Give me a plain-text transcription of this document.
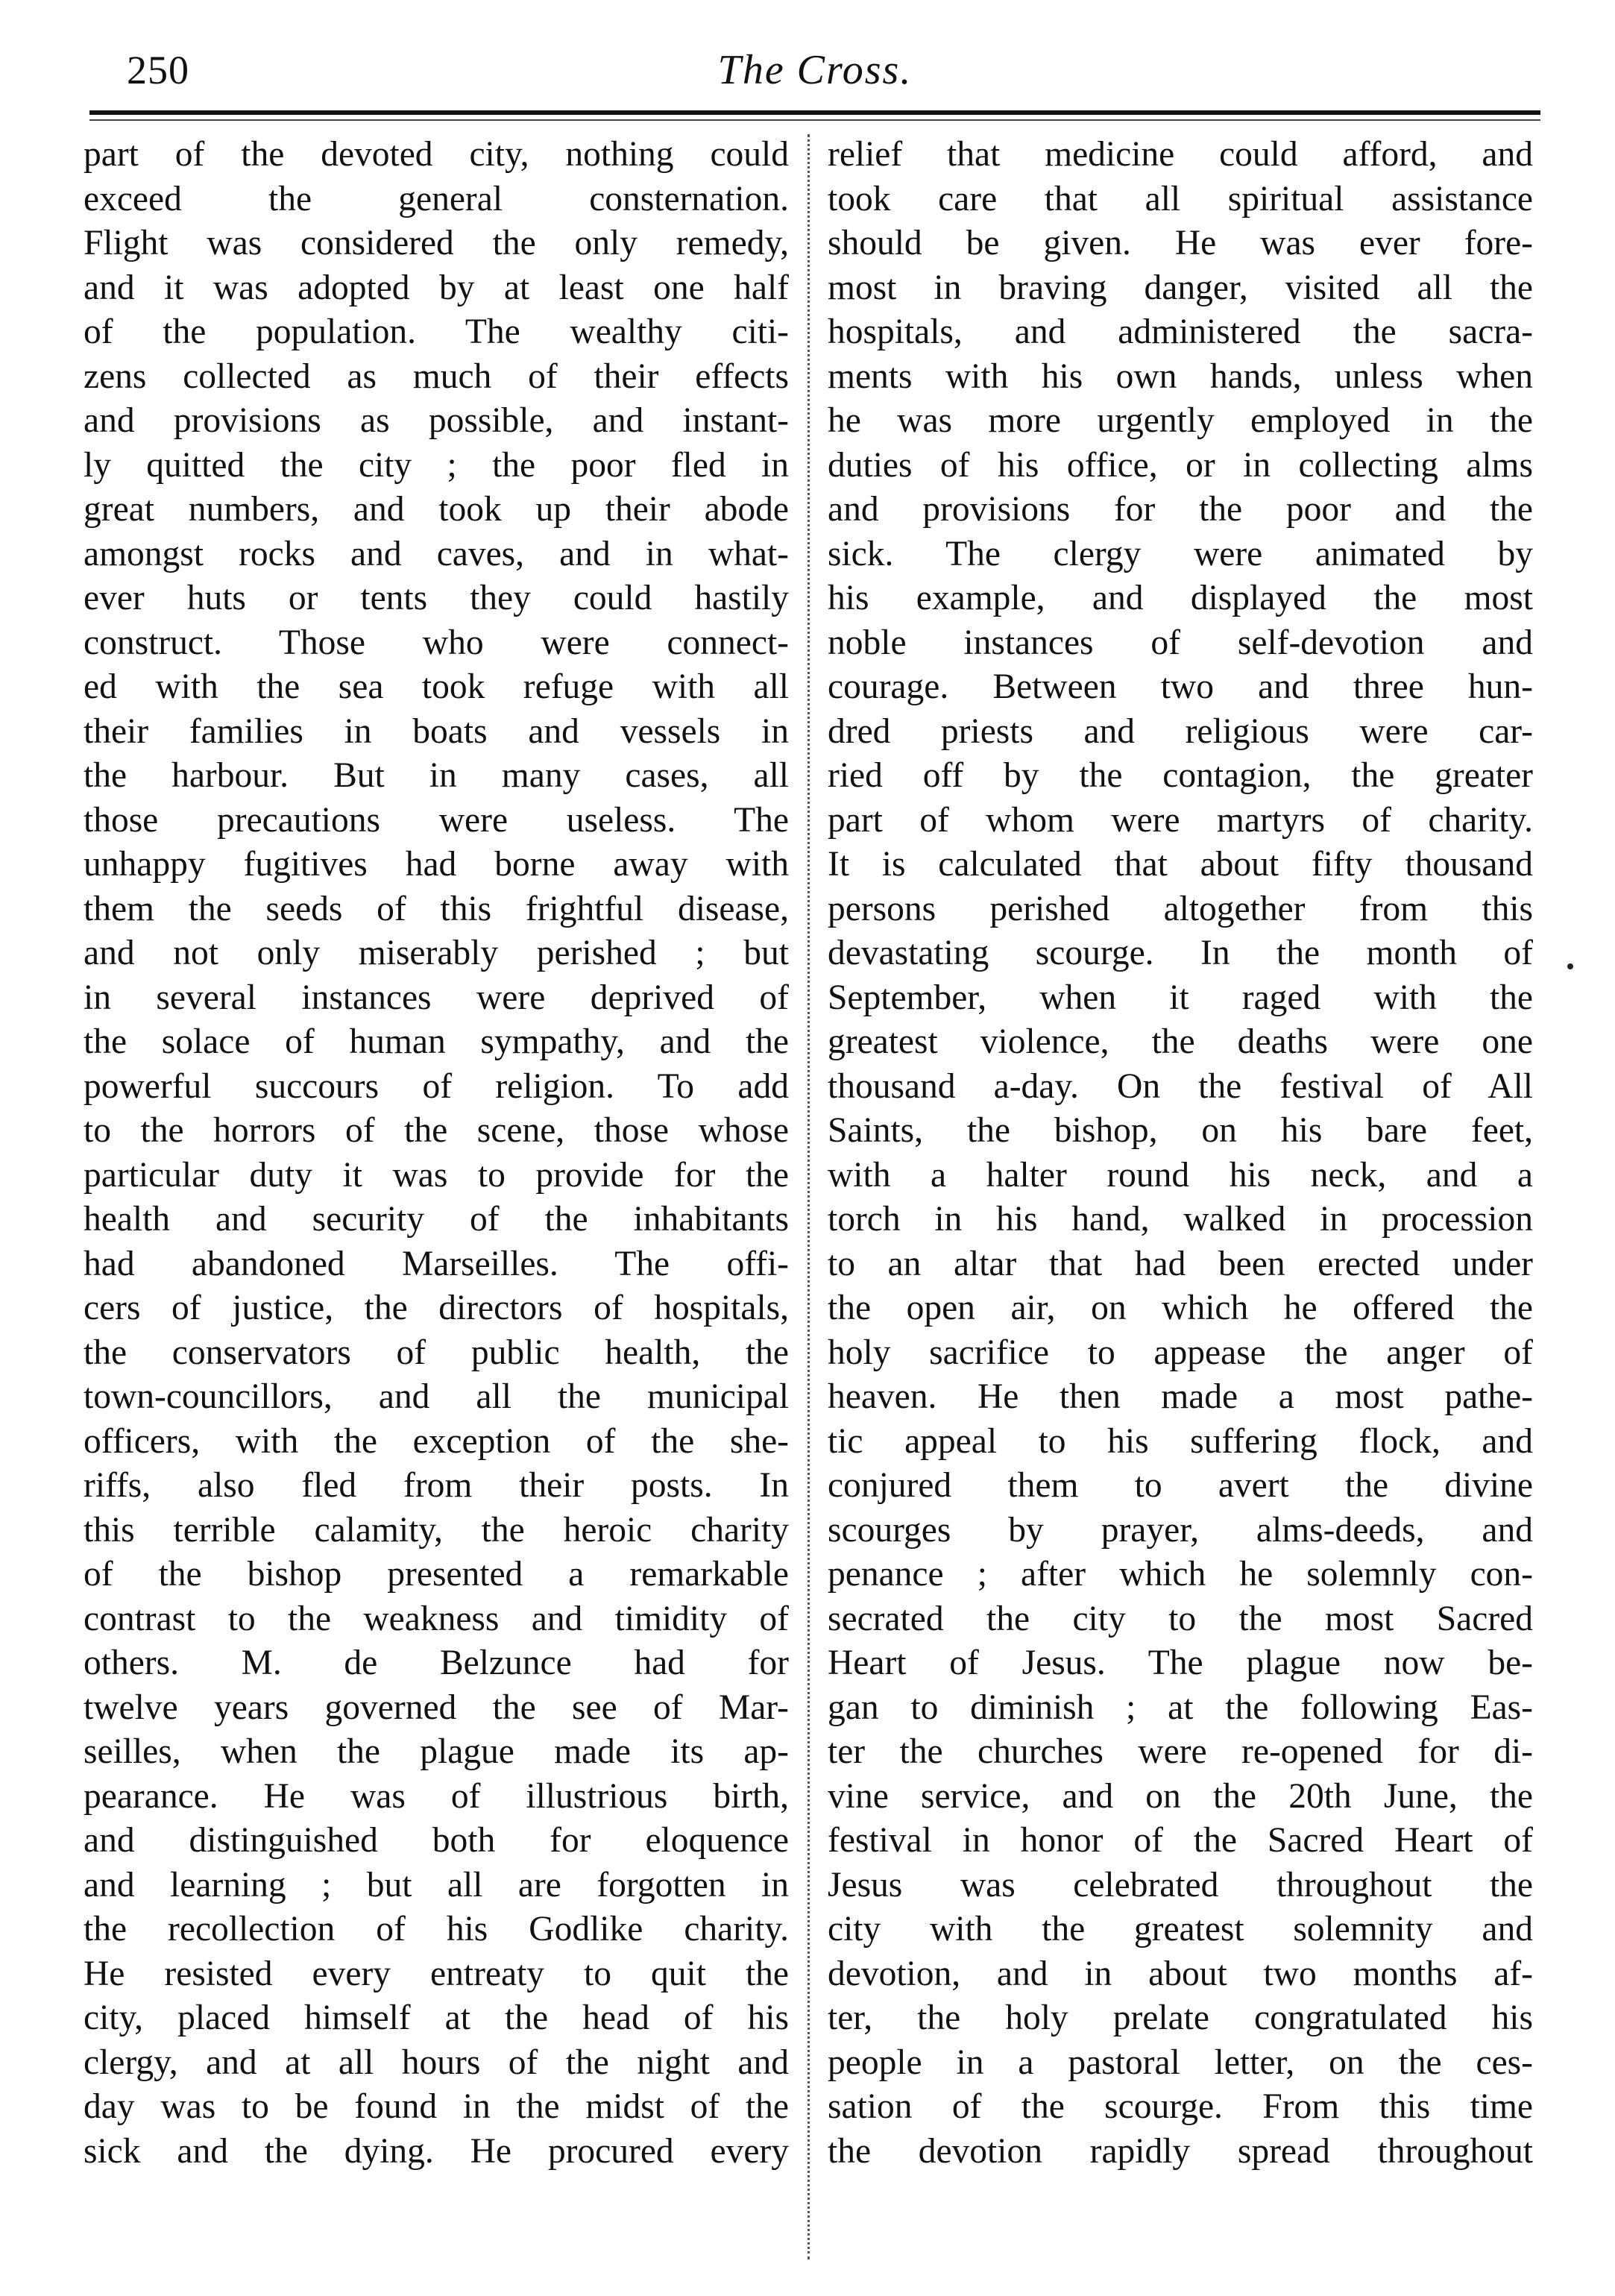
250	The Cross.
part of the devoted city, nothing could
exceed the general consternation.
Flight was considered the only remedy,
and it was adopted by at least one half
of the population. The wealthy citi-
zens collected as much of their effects
and provisions as possible, and instant-
ly quitted the city ; the poor fled in
great numbers, and took up their abode
amongst rocks and caves, and in what-
ever huts or tents they could hastily
construct. Those who were connect-
ed with the sea took refuge with all
their families in boats and vessels in
the harbour. But in many cases, all
those precautions were useless. The
unhappy fugitives had borne away with
them the seeds of this frightful disease,
and not only miserably perished ; but
in several instances were deprived of
the solace of human sympathy, and the
powerful succours of religion. To add
to the horrors of the scene, those whose
particular duty it was to provide for the
health and security of the inhabitants
had abandoned Marseilles. The offi-
cers of justice, the directors of hospitals,
the conservators of public health, the
town-councillors, and all the municipal
officers, with the exception of the she-
riffs, also fled from their posts. In
this terrible calamity, the heroic charity
of the bishop presented a remarkable
contrast to the weakness and timidity of
others. M. de Belzunce had for
twelve years governed the see of Mar-
seilles, when the plague made its ap-
pearance. He was of illustrious birth,
and distinguished both for eloquence
and learning ; but all are forgotten in
the recollection of his Godlike charity.
He resisted every entreaty to quit the
city, placed himself at the head of his
clergy, and at all hours of the night and
day was to be found in the midst of the
sick and the dying. He procured every
relief that medicine could afford, and
took care that all spiritual assistance
should be given. He was ever fore-
most in braving danger, visited all the
hospitals, and administered the sacra-
ments with his own hands, unless when
he was more urgently employed in the
duties of his office, or in collecting alms
and provisions for the poor and the
sick. The clergy were animated by
his example, and displayed the most
noble instances of self-devotion and
courage. Between two and three hun-
dred priests and religious were car-
ried off by the contagion, the greater
part of whom were martyrs of charity.
It is calculated that about fifty thousand
persons perished altogether from this
devastating scourge. In the month of
September, when it raged with the
greatest violence, the deaths were one
thousand a-day. On the festival of All
Saints, the bishop, on his bare feet,
with a halter round his neck, and a
torch in his hand, walked in procession
to an altar that had been erected under
the open air, on which he offered the
holy sacrifice to appease the anger of
heaven. He then made a most pathe-
tic appeal to his suffering flock, and
conjured them to avert the divine
scourges by prayer, alms-deeds, and
penance ; after which he solemnly con-
secrated the city to the most Sacred
Heart of Jesus. The plague now be-
gan to diminish ; at the following Eas-
ter the churches were re-opened for di-
vine service, and on the 20th June, the
festival in honor of the Sacred Heart of
Jesus was celebrated throughout the
city with the greatest solemnity and
devotion, and in about two months af-
ter, the holy prelate congratulated his
people in a pastoral letter, on the ces-
sation of the scourge. From this time
the devotion rapidly spread throughout
